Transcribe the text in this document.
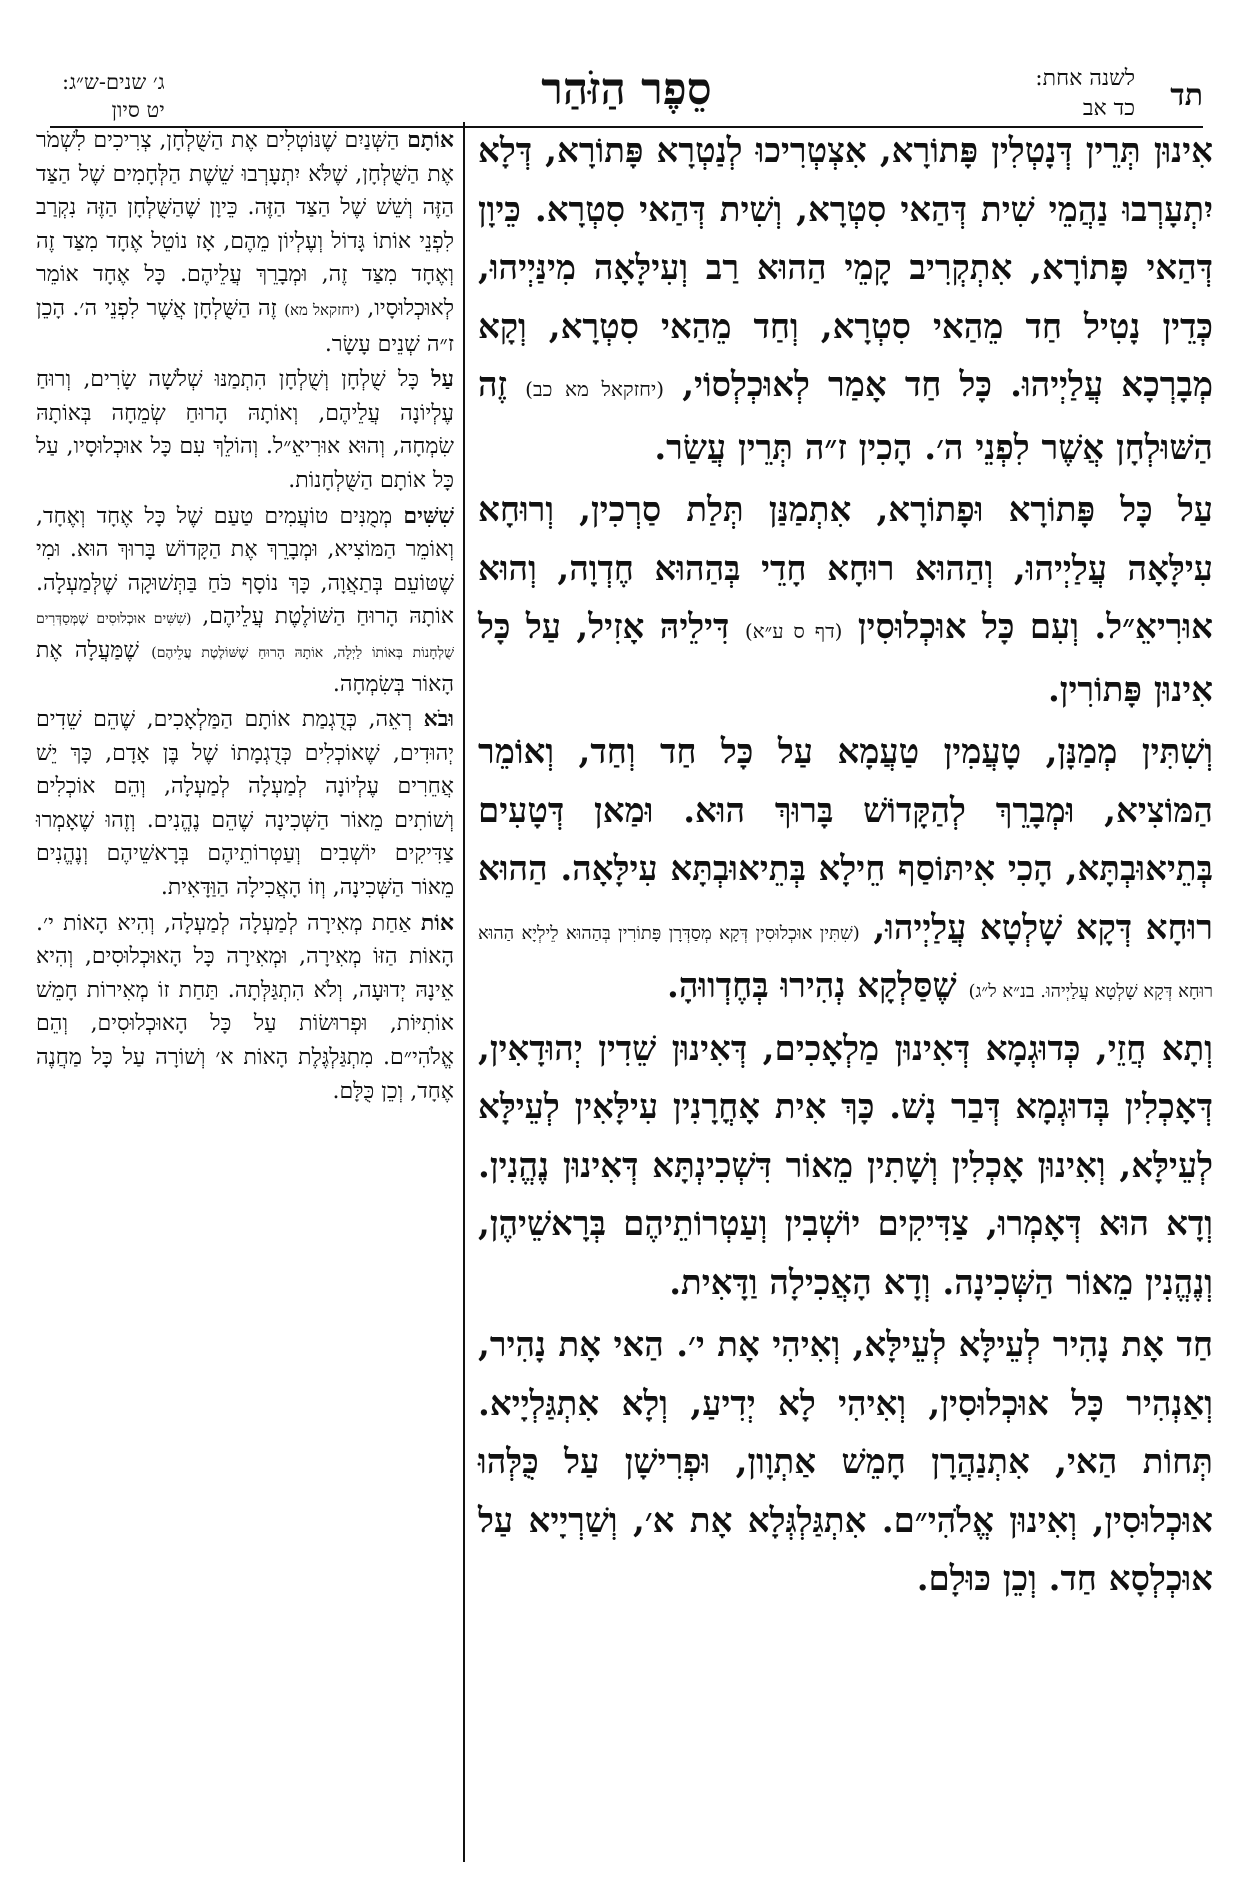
תד
לשנה אחת:
כד אב
סֵפֶר הַזֹּהַר
ג׳ שנים-ש״ג:
יט סיון

אִינוּן תְּרֵין דְּנָטְלִין פָּתוֹרָא, אִצְטְרִיכוּ לְנַטְרָא פָּתוֹרָא, דְּלָא יִתְעָרְבוּ נַהֲמֵי שִׁית דְּהַאי סִטְרָא, וְשִׁית דְּהַאי סִטְרָא. כֵּיוָן דְּהַאי פָּתוֹרָא, אִתְקְרִיב קָמֵי הַהוּא רַב וְעִילָּאָה מִינַּיְיהוּ, כְּדֵין נָטִיל חַד מֵהַאי סִטְרָא, וְחַד מֵהַאי סִטְרָא, וְקָא מְבָרְכָא עֲלַיְיהוּ. כָּל חַד אָמַר לְאוּכְלְסוֹי, (יחזקאל מא כב) זֶה הַשּׁוּלְחָן אֲשֶׁר לִפְנֵי ה׳. הָכִין ז״ה תְּרֵין עֲשַׂר.

עַל כָּל פָּתוֹרָא וּפָתוֹרָא, אִתְמַנַּן תְּלַת סַרְכִין, וְרוּחָא עִילָּאָה עֲלַיְיהוּ, וְהַהוּא רוּחָא חָדֵי בְּהַהוּא חֶדְוָה, וְהוּא אוּרִיאֵ״ל. וְעִם כָּל אוּכְלוּסִין (דף ס ע״א) דִּילֵיהּ אָזִיל, עַל כָּל אִינוּן פָּתוֹרִין.

וְשִׁתִּין מְמַנָּן, טָעֲמִין טַעֲמָא עַל כָּל חַד וְחַד, וְאוֹמֵר הַמּוֹצִיא, וּמְבָרֵךְ לְהַקָּדוֹשׁ בָּרוּךְ הוּא. וּמַאן דְּטָעִים בְּתֵיאוּבְתָּא, הָכִי אִיתּוֹסַף חֵילָא בְּתֵיאוּבְתָּא עִילָּאָה. הַהוּא רוּחָא דְּקָא שָׁלְטָא עֲלַיְיהוּ, (שִׁתִּין אוּכְלוּסִין דְּקָא מְסַדְּרָן פָּתוֹרִין בְּהַהוּא לֵילְיָא הַהוּא רוּחָא דְּקָא שָׁלְטָא עֲלַיְיהוּ. בנ״א ל״ג) שֶׁסַּלְקָא נְהִירוּ בְּחֶדְווּהָ.

וְתָא חֲזֵי, כְּדוּגְמָא דְּאִינוּן מַלְאָכִים, דְּאִינוּן שֵׁדִין יְהוּדָאִין, דְּאָכְלִין בְּדוּגְמָא דְּבַר נָשׁ. כָּךְ אִית אָחֳרָנִין עִילָּאִין לְעֵילָּא לְעֵילָּא, וְאִינוּן אָכְלִין וְשָׁתִין מֵאוֹר דִּשְׁכִינְתָּא דְּאִינוּן נֶהֱנִין. וְדָא הוּא דְּאָמְרוּ, צַדִּיקִים יוֹשְׁבִין וְעַטְרוֹתֵיהֶם בְּרָאשֵׁיהֶן, וְנֶהֱנִין מֵאוֹר הַשְּׁכִינָה. וְדָא הָאֲכִילָה וַדָּאִית.

חַד אָת נָהִיר לְעֵילָּא לְעֵילָּא, וְאִיהִי אָת י׳. הַאי אָת נָהִיר, וְאַנְהִיר כָּל אוּכְלוּסִין, וְאִיהִי לָא יְדִיעַ, וְלָא אִתְגַּלְיָיא. תְּחוֹת הַאי, אִתְנַהֲרָן חָמֵשׁ אַתְוָון, וּפְרִישָׁן עַל כֻּלְּהוּ אוּכְלוּסִין, וְאִינוּן אֱלֹהִי״ם. אִתְגַּלְגְּלָא אָת א׳, וְשַׁרְיָיא עַל אוּכְלְסָא חַד. וְכֵן כּוּלָם.

אוֹתָם הַשְּׁנַיִם שֶׁנּוֹטְלִים אֶת הַשֻּׁלְחָן, צְרִיכִים לִשְׁמֹר אֶת הַשֻּׁלְחָן, שֶׁלֹּא יִתְעָרְבוּ שֵׁשֶׁת הַלְּחָמִים שֶׁל הַצַּד הַזֶּה וְשֵׁשׁ שֶׁל הַצַּד הַזֶּה. כֵּיוָן שֶׁהַשֻּׁלְחָן הַזֶּה נִקְרַב לִפְנֵי אוֹתוֹ גָּדוֹל וְעֶלְיוֹן מֵהֶם, אָז נוֹטֵל אֶחָד מִצַּד זֶה וְאֶחָד מִצַּד זֶה, וּמְבָרֵךְ עֲלֵיהֶם. כָּל אֶחָד אוֹמֵר לְאוּכְלוּסָיו, (יחזקאל מא) זֶה הַשֻּׁלְחָן אֲשֶׁר לִפְנֵי ה׳. הָכֵן ז״ה שְׁנֵים עָשָׂר.

עַל כָּל שֻׁלְחָן וְשֻׁלְחָן הִתְמַנּוּ שְׁלֹשָׁה שָׂרִים, וְרוּחַ עֶלְיוֹנָה עֲלֵיהֶם, וְאוֹתָהּ הָרוּחַ שְׂמֵחָה בְּאוֹתָהּ שִׂמְחָה, וְהוּא אוּרִיאֵ״ל. וְהוֹלֵךְ עִם כָּל אוּכְלוּסָיו, עַל כָּל אוֹתָם הַשֻּׁלְחָנוֹת.

שִׁשִּׁים מְמֻנִּים טוֹעֲמִים טַעַם שֶׁל כָּל אֶחָד וְאֶחָד, וְאוֹמֵר הַמּוֹצִיא, וּמְבָרֵךְ אֶת הַקָּדוֹשׁ בָּרוּךְ הוּא. וּמִי שֶׁטּוֹעֵם בְּתַאֲוָה, כָּךְ נוֹסָף כֹּחַ בַּתְּשׁוּקָה שֶׁלְּמַעְלָה. אוֹתָהּ הָרוּחַ הַשּׁוֹלֶטֶת עֲלֵיהֶם, (שִׁשִּׁים אוּכְלוּסִים שֶׁמְּסַדְּרִים שֻׁלְחָנוֹת בְּאוֹתוֹ לַיְלָה, אוֹתָהּ הָרוּחַ שֶׁשּׁוֹלֶטֶת עֲלֵיהֶם) שֶׁמַּעֲלָה אֶת הָאוֹר בְּשִׂמְחָה.

וּבֹא רְאֵה, כְּדֻגְמַת אוֹתָם הַמַּלְאָכִים, שֶׁהֵם שֵׁדִים יְהוּדִים, שֶׁאוֹכְלִים כְּדֻגְמָתוֹ שֶׁל בֶּן אָדָם, כָּךְ יֵשׁ אֲחֵרִים עֶלְיוֹנָה לְמַעְלָה לְמַעְלָה, וְהֵם אוֹכְלִים וְשׁוֹתִים מֵאוֹר הַשְּׁכִינָה שֶׁהֵם נֶהֱנִים. וְזֶהוּ שֶׁאָמְרוּ צַדִּיקִים יוֹשְׁבִים וְעַטְרוֹתֵיהֶם בְּרָאשֵׁיהֶם וְנֶהֱנִים מֵאוֹר הַשְּׁכִינָה, וְזוֹ הָאֲכִילָה הַוַּדָּאִית.

אוֹת אַחַת מְאִירָה לְמַעְלָה לְמַעְלָה, וְהִיא הָאוֹת י׳. הָאוֹת הַזּוֹ מְאִירָה, וּמְאִירָה כָּל הָאוּכְלוּסִים, וְהִיא אֵינָהּ יְדוּעָה, וְלֹא הִתְגַּלְּתָה. תַּחַת זוֹ מְאִירוֹת חָמֵשׁ אוֹתִיּוֹת, וּפְרוּשׂוֹת עַל כָּל הָאוּכְלוּסִים, וְהֵם אֱלֹהִי״ם. מִתְגַּלְגֶּלֶת הָאוֹת א׳ וְשׁוֹרָה עַל כָּל מַחֲנֶה אֶחָד, וְכֵן כֻּלָּם.
